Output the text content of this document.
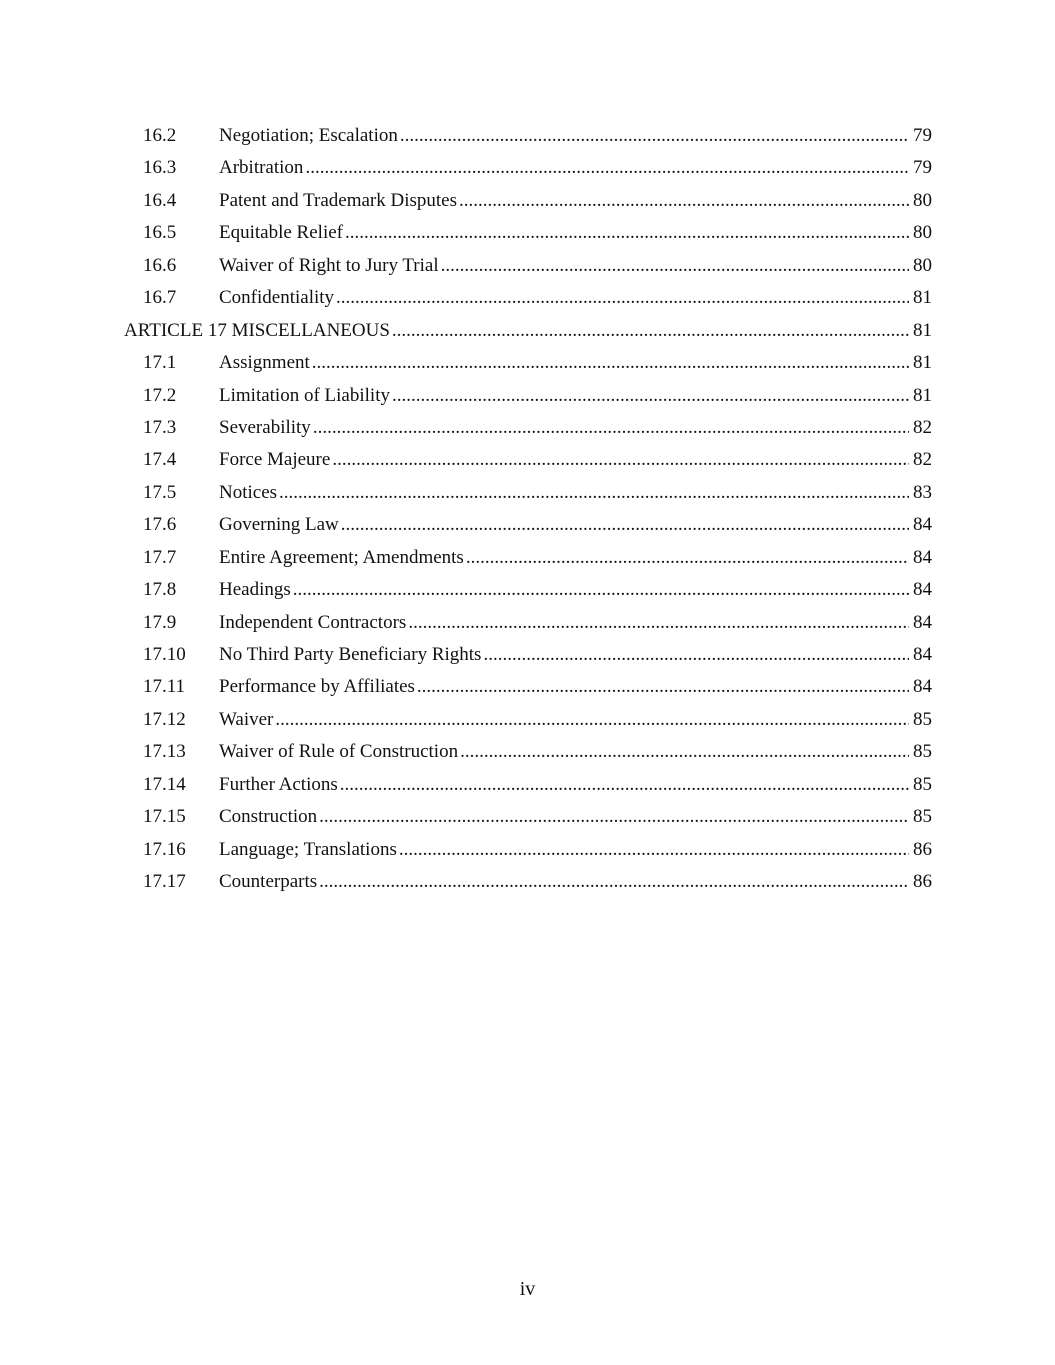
16.2	Negotiation; Escalation .....	79
16.3	Arbitration .....	79
16.4	Patent and Trademark Disputes .....	80
16.5	Equitable Relief .....	80
16.6	Waiver of Right to Jury Trial .....	80
16.7	Confidentiality .....	81
ARTICLE 17 MISCELLANEOUS .....	81
17.1	Assignment .....	81
17.2	Limitation of Liability .....	81
17.3	Severability .....	82
17.4	Force Majeure .....	82
17.5	Notices .....	83
17.6	Governing Law .....	84
17.7	Entire Agreement; Amendments .....	84
17.8	Headings .....	84
17.9	Independent Contractors .....	84
17.10	No Third Party Beneficiary Rights .....	84
17.11	Performance by Affiliates .....	84
17.12	Waiver .....	85
17.13	Waiver of Rule of Construction .....	85
17.14	Further Actions .....	85
17.15	Construction .....	85
17.16	Language; Translations .....	86
17.17	Counterparts .....	86
iv
